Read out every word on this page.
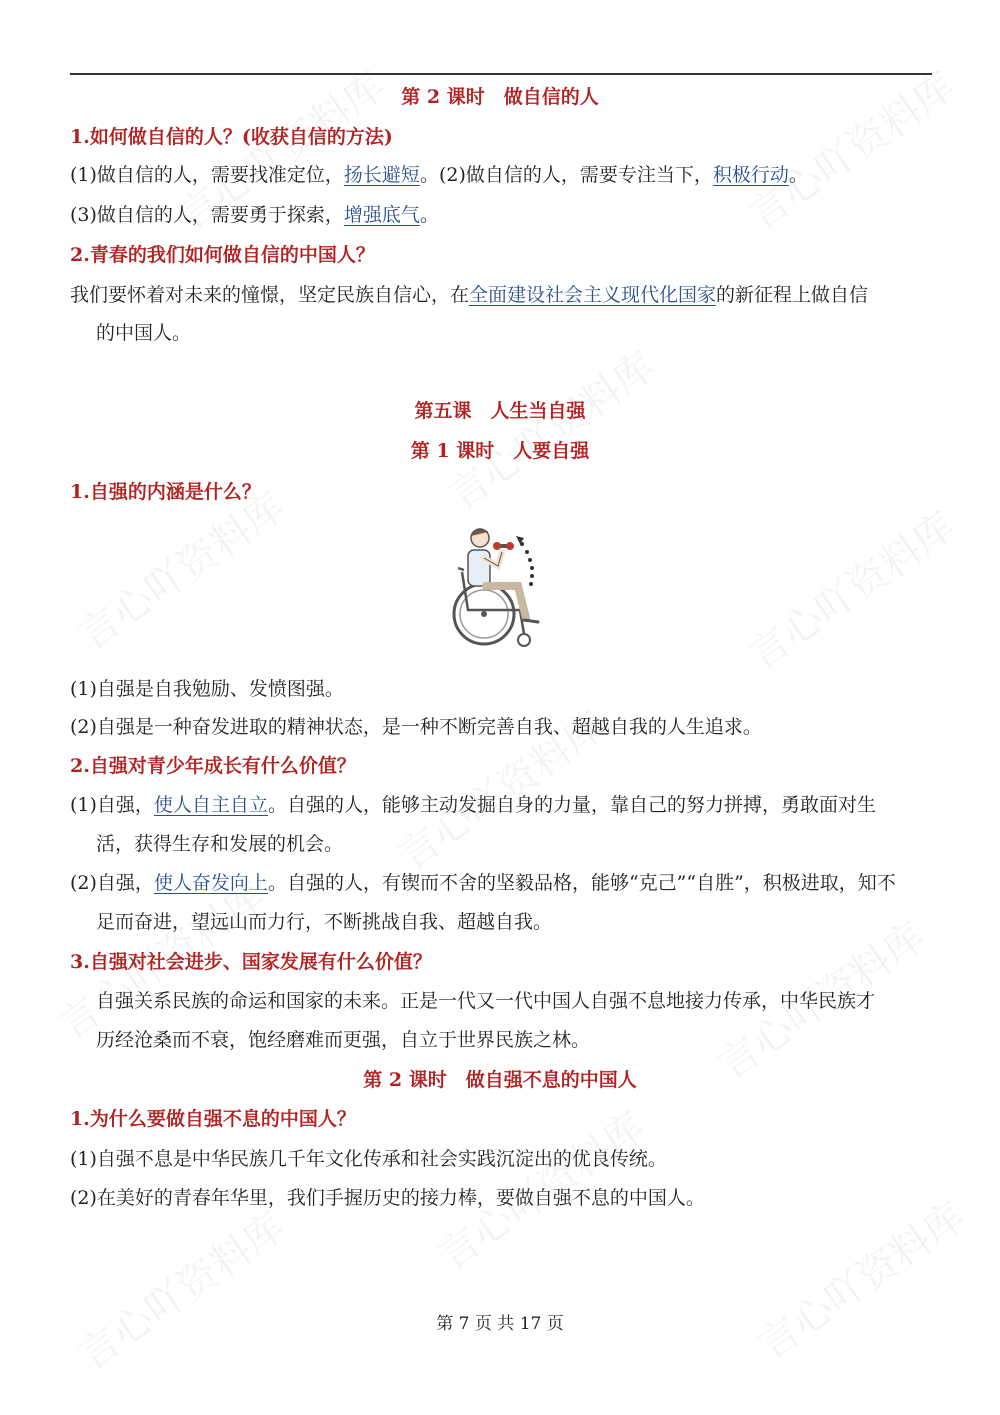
第 2 课时　做自信的人
1.如何做自信的人？(收获自信的方法)
(1)做自信的人，需要找准定位，扬长避短。(2)做自信的人，需要专注当下，积极行动。
(3)做自信的人，需要勇于探索，增强底气。
2.青春的我们如何做自信的中国人？
我们要怀着对未来的憧憬，坚定民族自信心，在全面建设社会主义现代化国家的新征程上做自信
的中国人。
第五课　人生当自强
第 1 课时　人要自强
1.自强的内涵是什么？
(1)自强是自我勉励、发愤图强。
(2)自强是一种奋发进取的精神状态，是一种不断完善自我、超越自我的人生追求。
2.自强对青少年成长有什么价值？
(1)自强，使人自主自立。自强的人，能够主动发掘自身的力量，靠自己的努力拼搏，勇敢面对生
活，获得生存和发展的机会。
(2)自强，使人奋发向上。自强的人，有锲而不舍的坚毅品格，能够“克己”“自胜”，积极进取，知不
足而奋进，望远山而力行，不断挑战自我、超越自我。
3.自强对社会进步、国家发展有什么价值？
自强关系民族的命运和国家的未来。正是一代又一代中国人自强不息地接力传承，中华民族才
历经沧桑而不衰，饱经磨难而更强，自立于世界民族之林。
第 2 课时　做自强不息的中国人
1.为什么要做自强不息的中国人？
(1)自强不息是中华民族几千年文化传承和社会实践沉淀出的优良传统。
(2)在美好的青春年华里，我们手握历史的接力棒，要做自强不息的中国人。
第 7 页 共 17 页
